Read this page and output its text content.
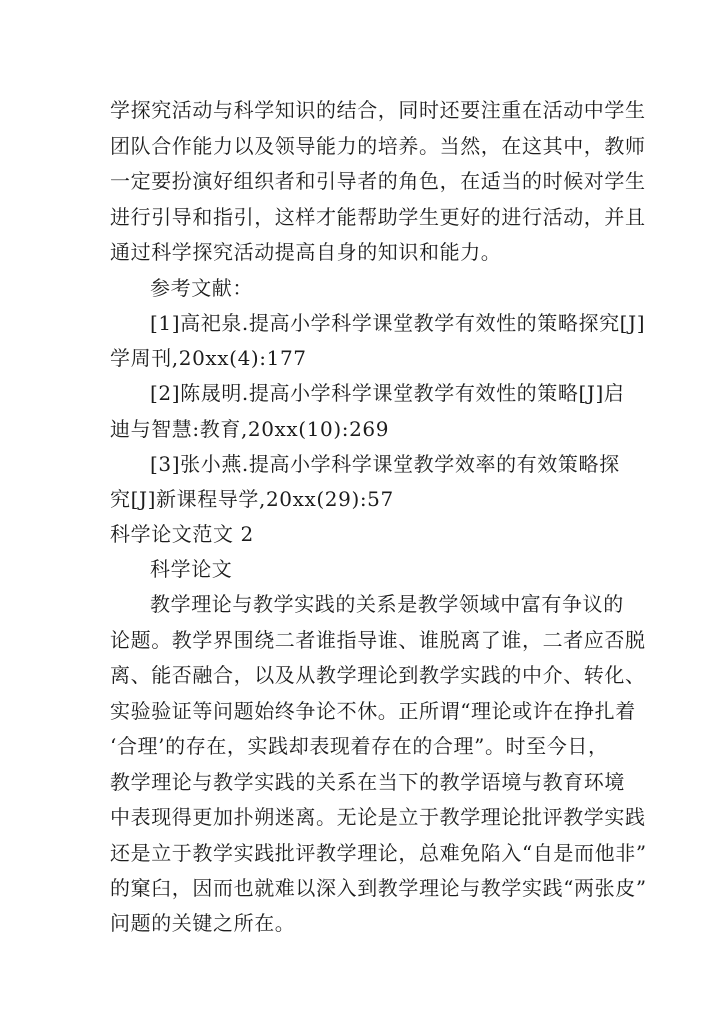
学探究活动与科学知识的结合，同时还要注重在活动中学生
团队合作能力以及领导能力的培养。当然，在这其中，教师
一定要扮演好组织者和引导者的角色，在适当的时候对学生
进行引导和指引，这样才能帮助学生更好的进行活动，并且
通过科学探究活动提高自身的知识和能力。
参考文献：
[1]高祀泉.提高小学科学课堂教学有效性的策略探究[J]
学周刊,20xx(4):177
[2]陈晟明.提高小学科学课堂教学有效性的策略[J]启
迪与智慧:教育,20xx(10):269
[3]张小燕.提高小学科学课堂教学效率的有效策略探
究[J]新课程导学,20xx(29):57
科学论文范文 2
科学论文
教学理论与教学实践的关系是教学领域中富有争议的
论题。教学界围绕二者谁指导谁、谁脱离了谁，二者应否脱
离、能否融合，以及从教学理论到教学实践的中介、转化、
实验验证等问题始终争论不休。正所谓“理论或许在挣扎着
‘合理’的存在，实践却表现着存在的合理”。时至今日，
教学理论与教学实践的关系在当下的教学语境与教育环境
中表现得更加扑朔迷离。无论是立于教学理论批评教学实践
还是立于教学实践批评教学理论，总难免陷入“自是而他非”
的窠臼，因而也就难以深入到教学理论与教学实践“两张皮”
问题的关键之所在。
